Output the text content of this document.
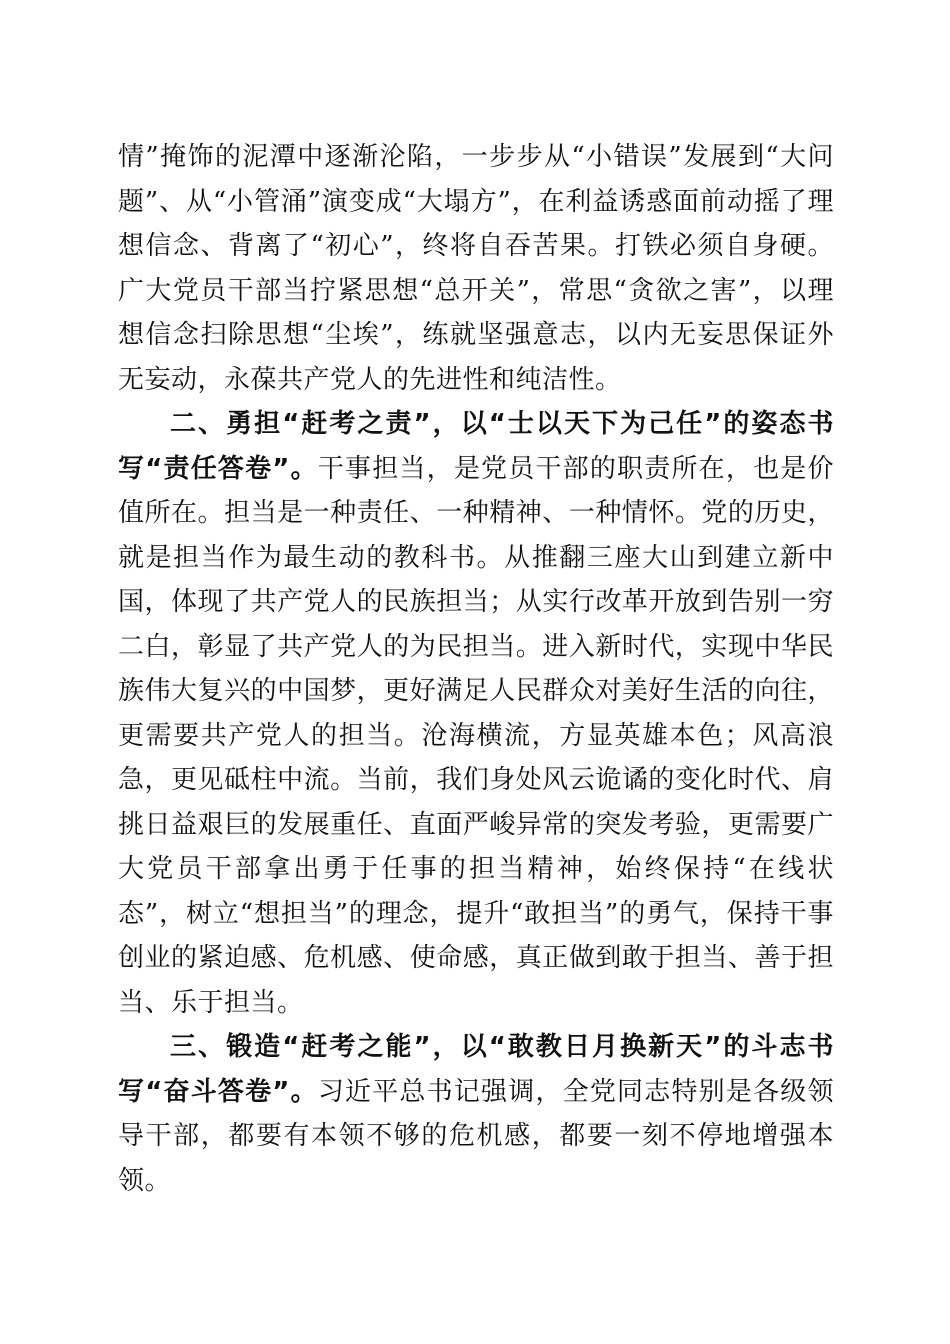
情”掩饰的泥潭中逐渐沦陷，一步步从“小错误”发展到“大问题”、从“小管涌”演变成“大塌方”，在利益诱惑面前动摇了理想信念、背离了“初心”，终将自吞苦果。打铁必须自身硬。广大党员干部当拧紧思想“总开关”，常思“贪欲之害”，以理想信念扫除思想“尘埃”，练就坚强意志，以内无妄思保证外无妄动，永葆共产党人的先进性和纯洁性。

二、勇担“赶考之责”，以“士以天下为己任”的姿态书写“责任答卷”。干事担当，是党员干部的职责所在，也是价值所在。担当是一种责任、一种精神、一种情怀。党的历史，就是担当作为最生动的教科书。从推翻三座大山到建立新中国，体现了共产党人的民族担当；从实行改革开放到告别一穷二白，彰显了共产党人的为民担当。进入新时代，实现中华民族伟大复兴的中国梦，更好满足人民群众对美好生活的向往，更需要共产党人的担当。沧海横流，方显英雄本色；风高浪急，更见砥柱中流。当前，我们身处风云诡谲的变化时代、肩挑日益艰巨的发展重任、直面严峻异常的突发考验，更需要广大党员干部拿出勇于任事的担当精神，始终保持“在线状态”，树立“想担当”的理念，提升“敢担当”的勇气，保持干事创业的紧迫感、危机感、使命感，真正做到敢于担当、善于担当、乐于担当。

三、锻造“赶考之能”，以“敢教日月换新天”的斗志书写“奋斗答卷”。习近平总书记强调，全党同志特别是各级领导干部，都要有本领不够的危机感，都要一刻不停地增强本领。
